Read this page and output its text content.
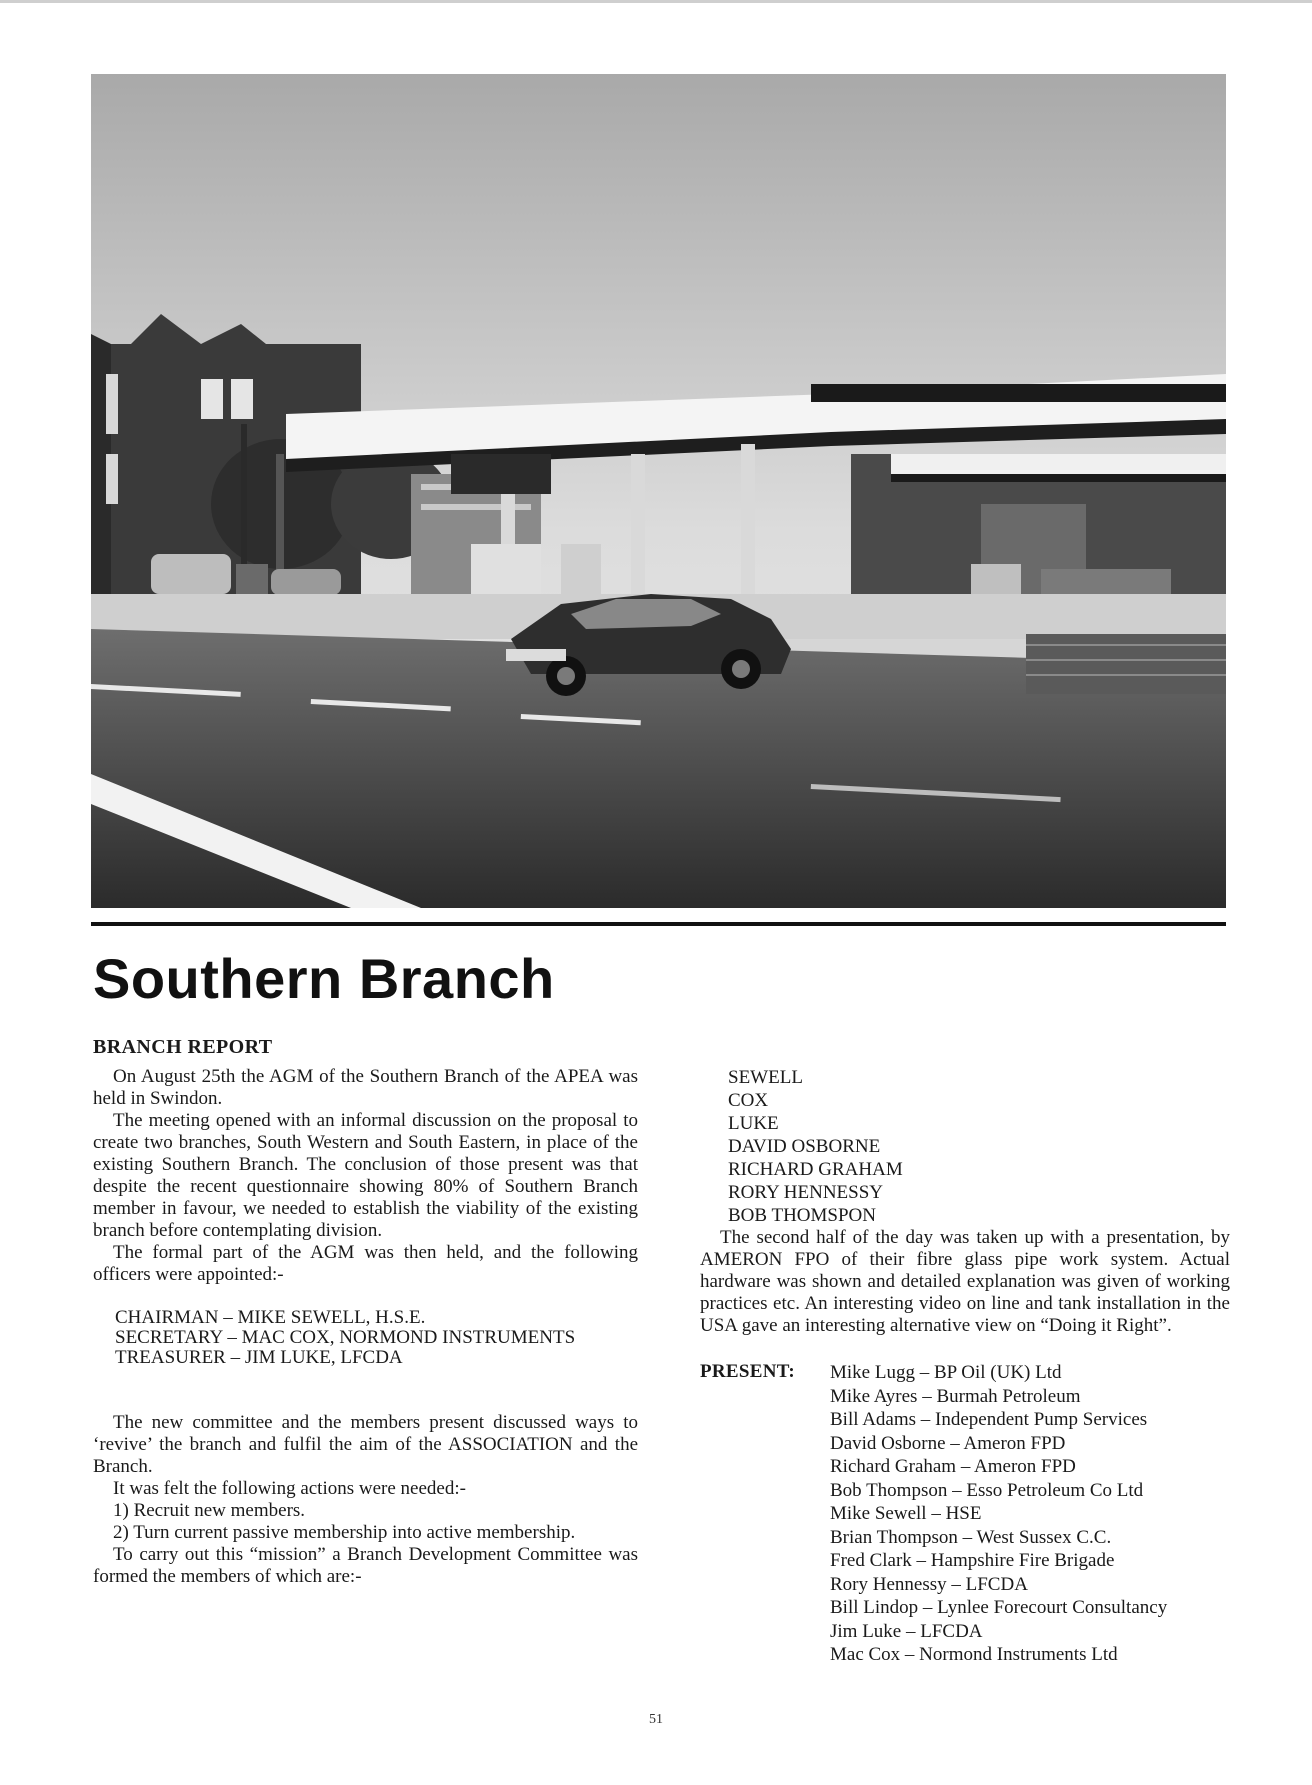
Southern Branch
BRANCH REPORT

On August 25th the AGM of the Southern Branch of the APEA was held in Swindon.

The meeting opened with an informal discussion on the proposal to create two branches, South Western and South Eastern, in place of the existing Southern Branch. The conclusion of those present was that despite the recent questionnaire showing 80% of Southern Branch member in favour, we needed to establish the viability of the existing branch before contemplating division.

The formal part of the AGM was then held, and the following officers were appointed:-

CHAIRMAN – MIKE SEWELL, H.S.E.
SECRETARY – MAC COX, NORMOND INSTRUMENTS
TREASURER – JIM LUKE, LFCDA

The new committee and the members present discussed ways to ‘revive’ the branch and fulfil the aim of the ASSOCIATION and the Branch.

It was felt the following actions were needed:-

1) Recruit new members.

2) Turn current passive membership into active membership.

To carry out this “mission” a Branch Development Committee was formed the members of which are:-

SEWELL
COX
LUKE
DAVID OSBORNE
RICHARD GRAHAM
RORY HENNESSY
BOB THOMSPON

The second half of the day was taken up with a presentation, by AMERON FPO of their fibre glass pipe work system. Actual hardware was shown and detailed explanation was given of working practices etc. An interesting video on line and tank installation in the USA gave an interesting alternative view on “Doing it Right”.

PRESENT:	Mike Lugg – BP Oil (UK) Ltd
Mike Ayres – Burmah Petroleum
Bill Adams – Independent Pump Services
David Osborne – Ameron FPD
Richard Graham – Ameron FPD
Bob Thompson – Esso Petroleum Co Ltd
Mike Sewell – HSE
Brian Thompson – West Sussex C.C.
Fred Clark – Hampshire Fire Brigade
Rory Hennessy – LFCDA
Bill Lindop – Lynlee Forecourt Consultancy
Jim Luke – LFCDA
Mac Cox – Normond Instruments Ltd
51
